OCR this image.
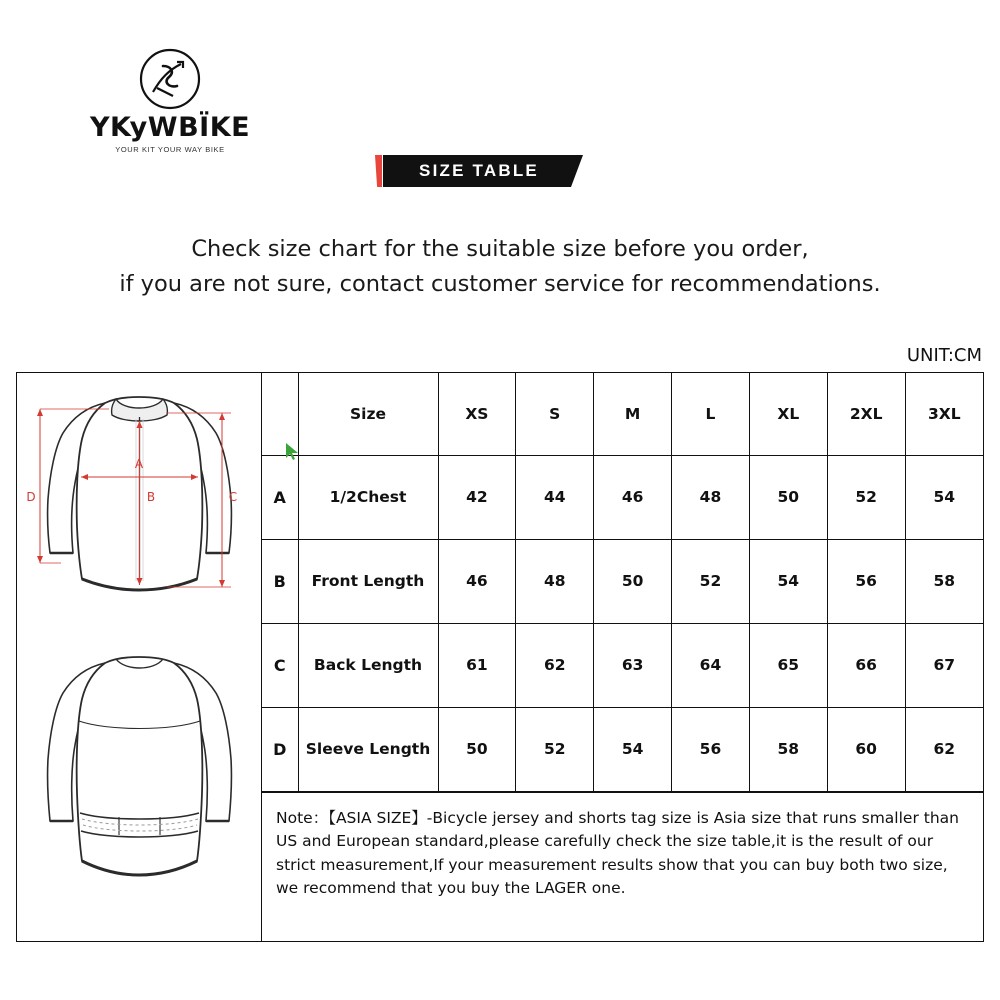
YKyWBÏKE
YOUR KIT YOUR WAY BIKE
SIZE TABLE
Check size chart for the suitable size before you order,
if you are not sure, contact customer service for recommendations.
UNIT:CM
A
B	C
D
	Size	XS	S	M	L	XL	2XL	3XL
A	1/2Chest	42	44	46	48	50	52	54
B	Front Length	46	48	50	52	54	56	58
C	Back Length	61	62	63	64	65	66	67
D	Sleeve Length	50	52	54	56	58	60	62
Note：【ASIA SIZE】-Bicycle jersey and shorts tag size is Asia size that runs smaller than US and European standard,please carefully check the size table,it is the result of our strict measurement,If your measurement results show that you can buy both two size, we recommend that you buy the LAGER one.
